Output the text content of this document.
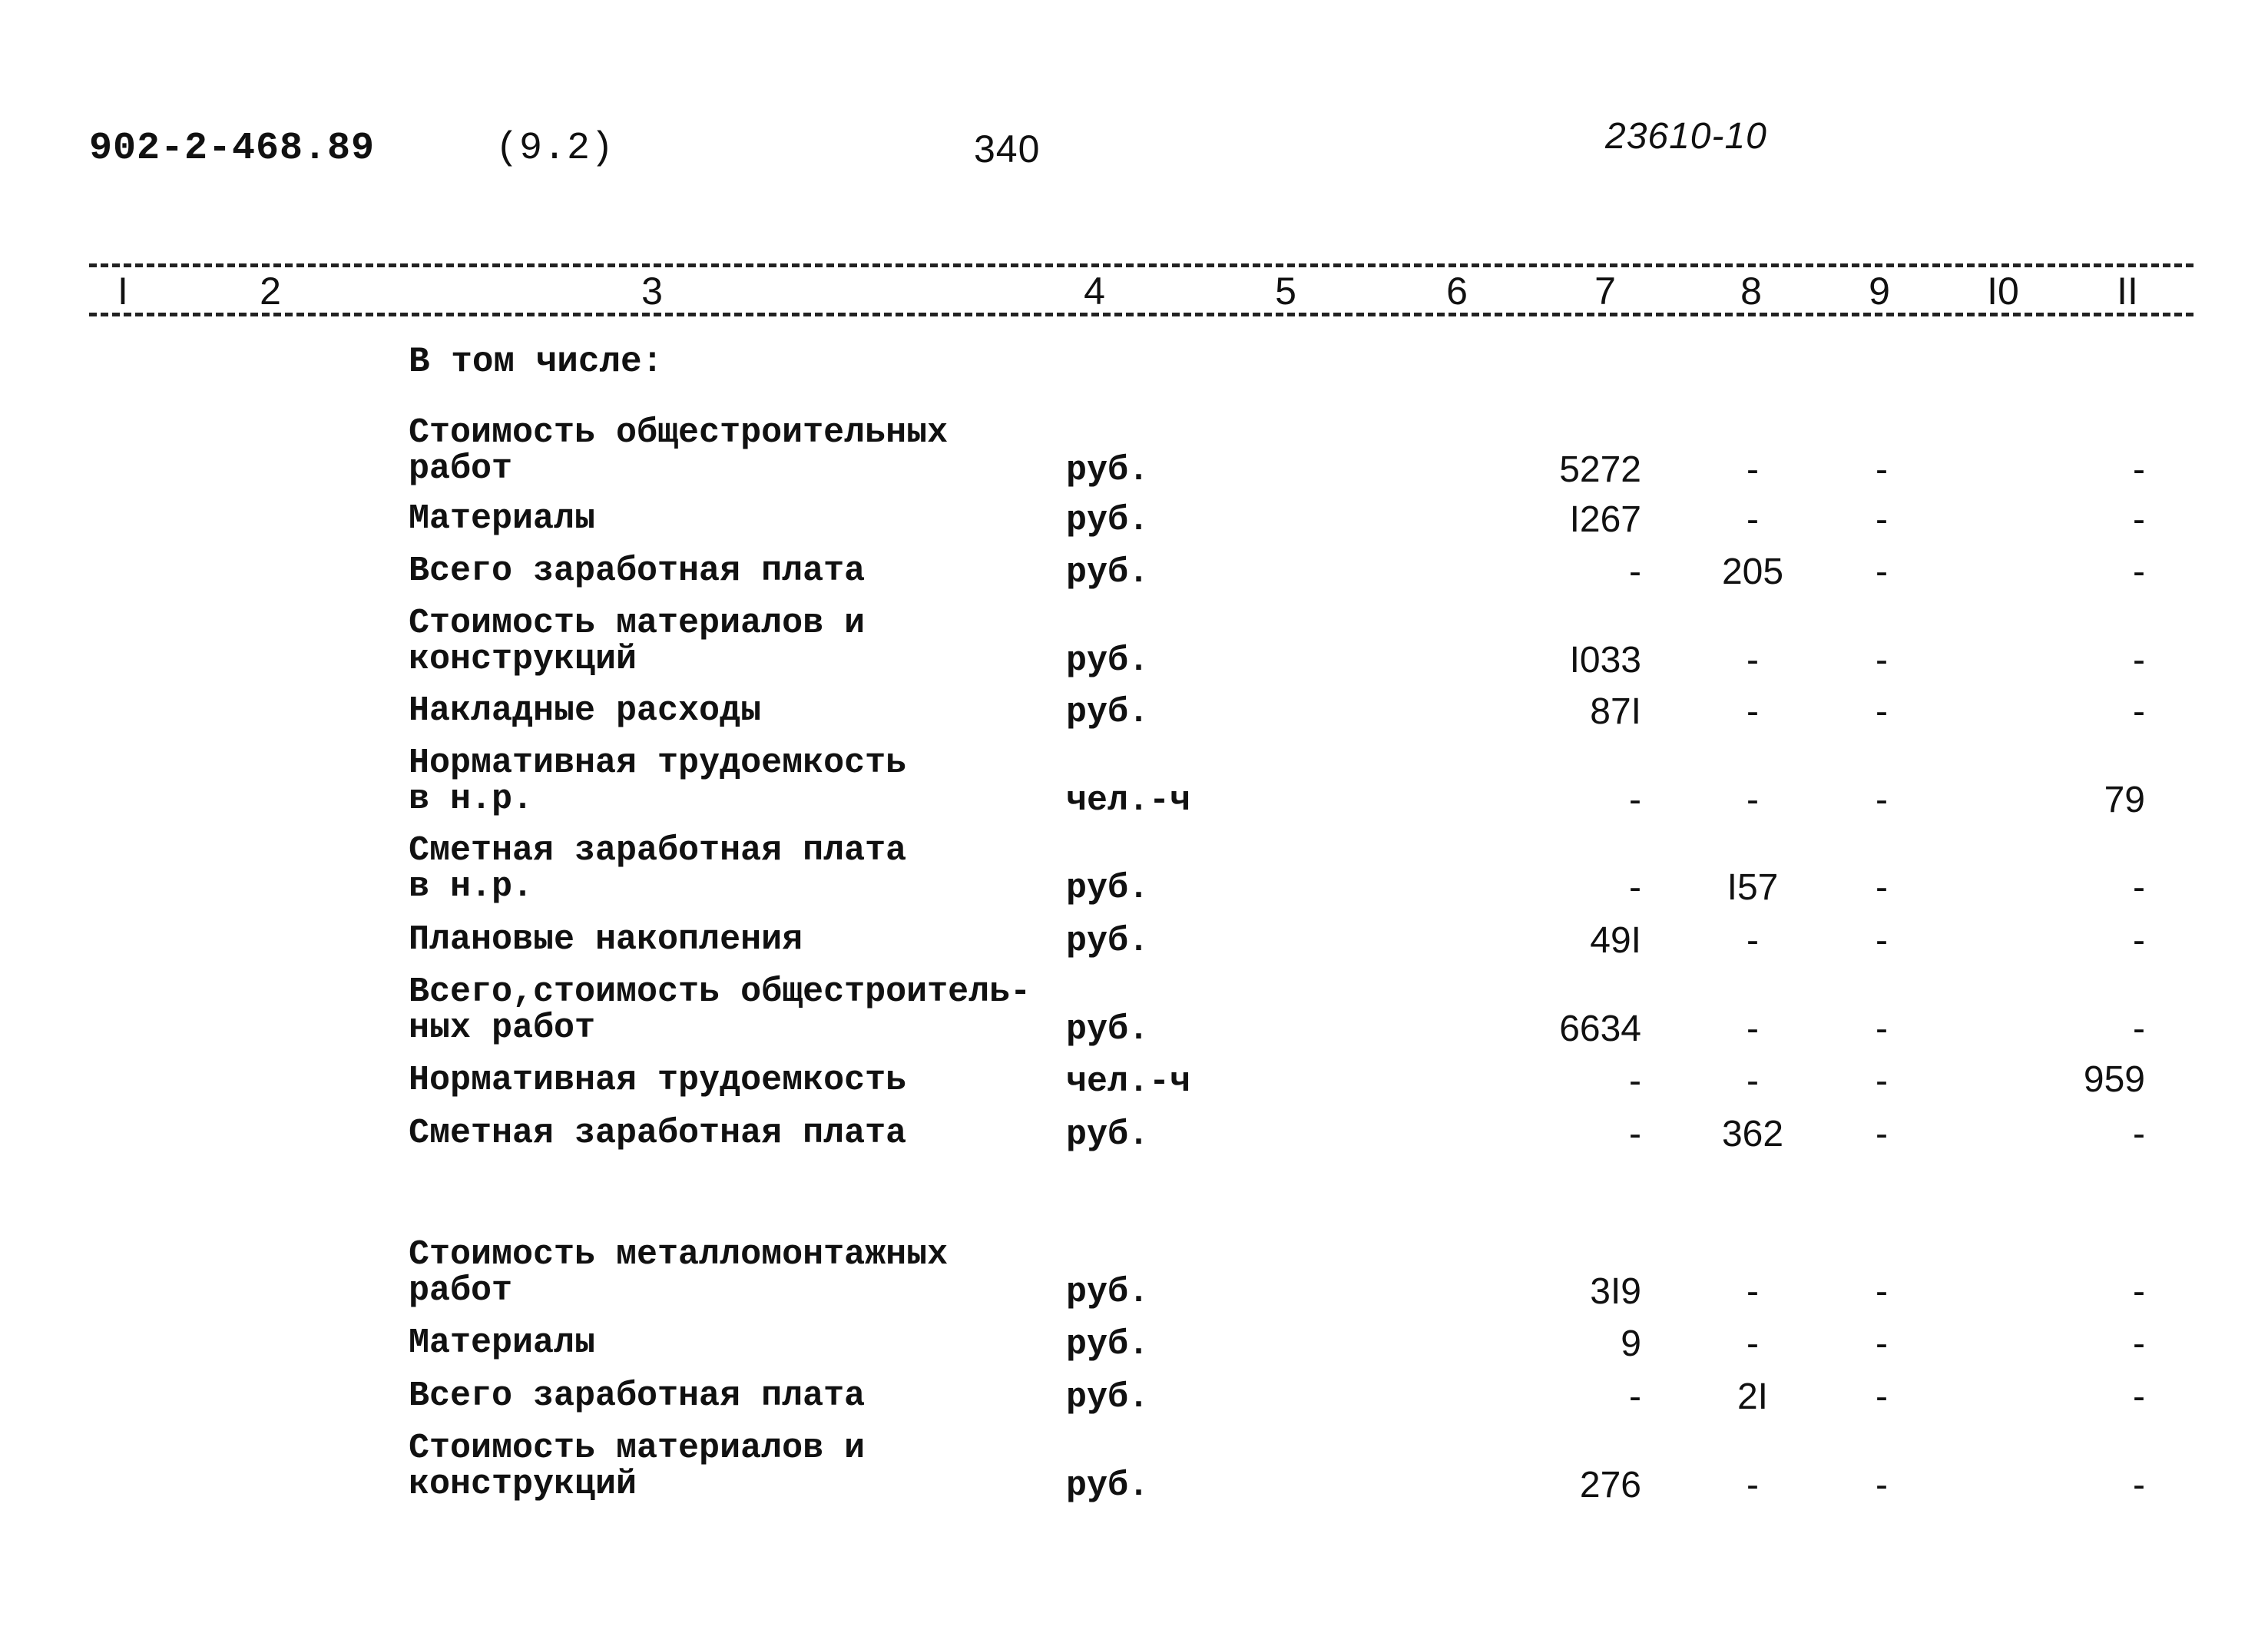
902-2-468.89	(9.2)	340	23610-10
I	2	3	4	5	6	7	8	9	I0	II
В том числе:
Стоимость общестроительных
работ	руб.	5272	-	-	-
Материалы	руб.	I267	-	-	-
Всего заработная плата	руб.	- 205 -	-
Стоимость материалов и
конструкций	руб.	I033	-	-	-
Накладные расходы	руб.	87I	-	-	-
Нормативная трудоемкость
в н.р.	чел.-ч	-	-	-	79
Сметная заработная плата
в н.р.	руб.	- I57	-	-
Плановые накопления	руб.	49I	-	-	-
Всего,стоимость общестроитель-
ных работ	руб.	6634	-	-	-
Нормативная трудоемкость	чел.-ч	-	-	-	959
Сметная заработная плата	руб.	- 362 -	-
Стоимость металломонтажных
работ	руб.	3I9	-	-	-
Материалы	руб.	9	-	-	-
Всего заработная плата	руб.	-	2I	-	-
Стоимость материалов и
конструкций	руб.	276	-	-	-
